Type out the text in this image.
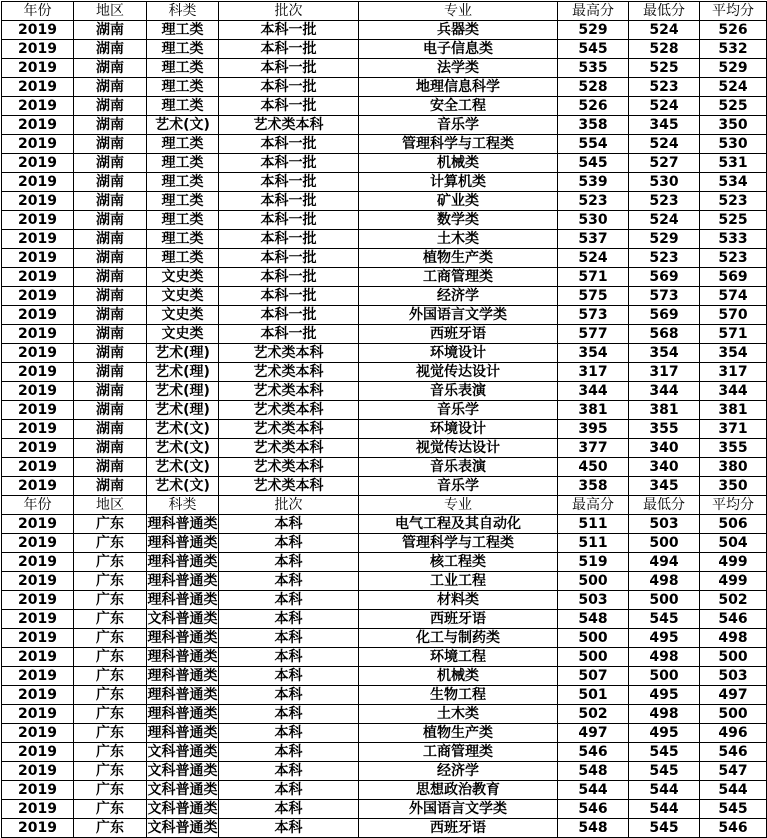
年份	地区	科类	批次	专业	最高分	最低分	平均分
2019	湖南	理工类	本科一批	兵器类	529	524	526
2019	湖南	理工类	本科一批	电子信息类	545	528	532
2019	湖南	理工类	本科一批	法学类	535	525	529
2019	湖南	理工类	本科一批	地理信息科学	528	523	524
2019	湖南	理工类	本科一批	安全工程	526	524	525
2019	湖南	艺术(文)	艺术类本科	音乐学	358	345	350
2019	湖南	理工类	本科一批	管理科学与工程类	554	524	530
2019	湖南	理工类	本科一批	机械类	545	527	531
2019	湖南	理工类	本科一批	计算机类	539	530	534
2019	湖南	理工类	本科一批	矿业类	523	523	523
2019	湖南	理工类	本科一批	数学类	530	524	525
2019	湖南	理工类	本科一批	土木类	537	529	533
2019	湖南	理工类	本科一批	植物生产类	524	523	523
2019	湖南	文史类	本科一批	工商管理类	571	569	569
2019	湖南	文史类	本科一批	经济学	575	573	574
2019	湖南	文史类	本科一批	外国语言文学类	573	569	570
2019	湖南	文史类	本科一批	西班牙语	577	568	571
2019	湖南	艺术(理)	艺术类本科	环境设计	354	354	354
2019	湖南	艺术(理)	艺术类本科	视觉传达设计	317	317	317
2019	湖南	艺术(理)	艺术类本科	音乐表演	344	344	344
2019	湖南	艺术(理)	艺术类本科	音乐学	381	381	381
2019	湖南	艺术(文)	艺术类本科	环境设计	395	355	371
2019	湖南	艺术(文)	艺术类本科	视觉传达设计	377	340	355
2019	湖南	艺术(文)	艺术类本科	音乐表演	450	340	380
2019	湖南	艺术(文)	艺术类本科	音乐学	358	345	350
年份	地区	科类	批次	专业	最高分	最低分	平均分
2019	广东	理科普通类	本科	电气工程及其自动化	511	503	506
2019	广东	理科普通类	本科	管理科学与工程类	511	500	504
2019	广东	理科普通类	本科	核工程类	519	494	499
2019	广东	理科普通类	本科	工业工程	500	498	499
2019	广东	理科普通类	本科	材料类	503	500	502
2019	广东	文科普通类	本科	西班牙语	548	545	546
2019	广东	理科普通类	本科	化工与制药类	500	495	498
2019	广东	理科普通类	本科	环境工程	500	498	500
2019	广东	理科普通类	本科	机械类	507	500	503
2019	广东	理科普通类	本科	生物工程	501	495	497
2019	广东	理科普通类	本科	土木类	502	498	500
2019	广东	理科普通类	本科	植物生产类	497	495	496
2019	广东	文科普通类	本科	工商管理类	546	545	546
2019	广东	文科普通类	本科	经济学	548	545	547
2019	广东	文科普通类	本科	思想政治教育	544	544	544
2019	广东	文科普通类	本科	外国语言文学类	546	544	545
2019	广东	文科普通类	本科	西班牙语	548	545	546
